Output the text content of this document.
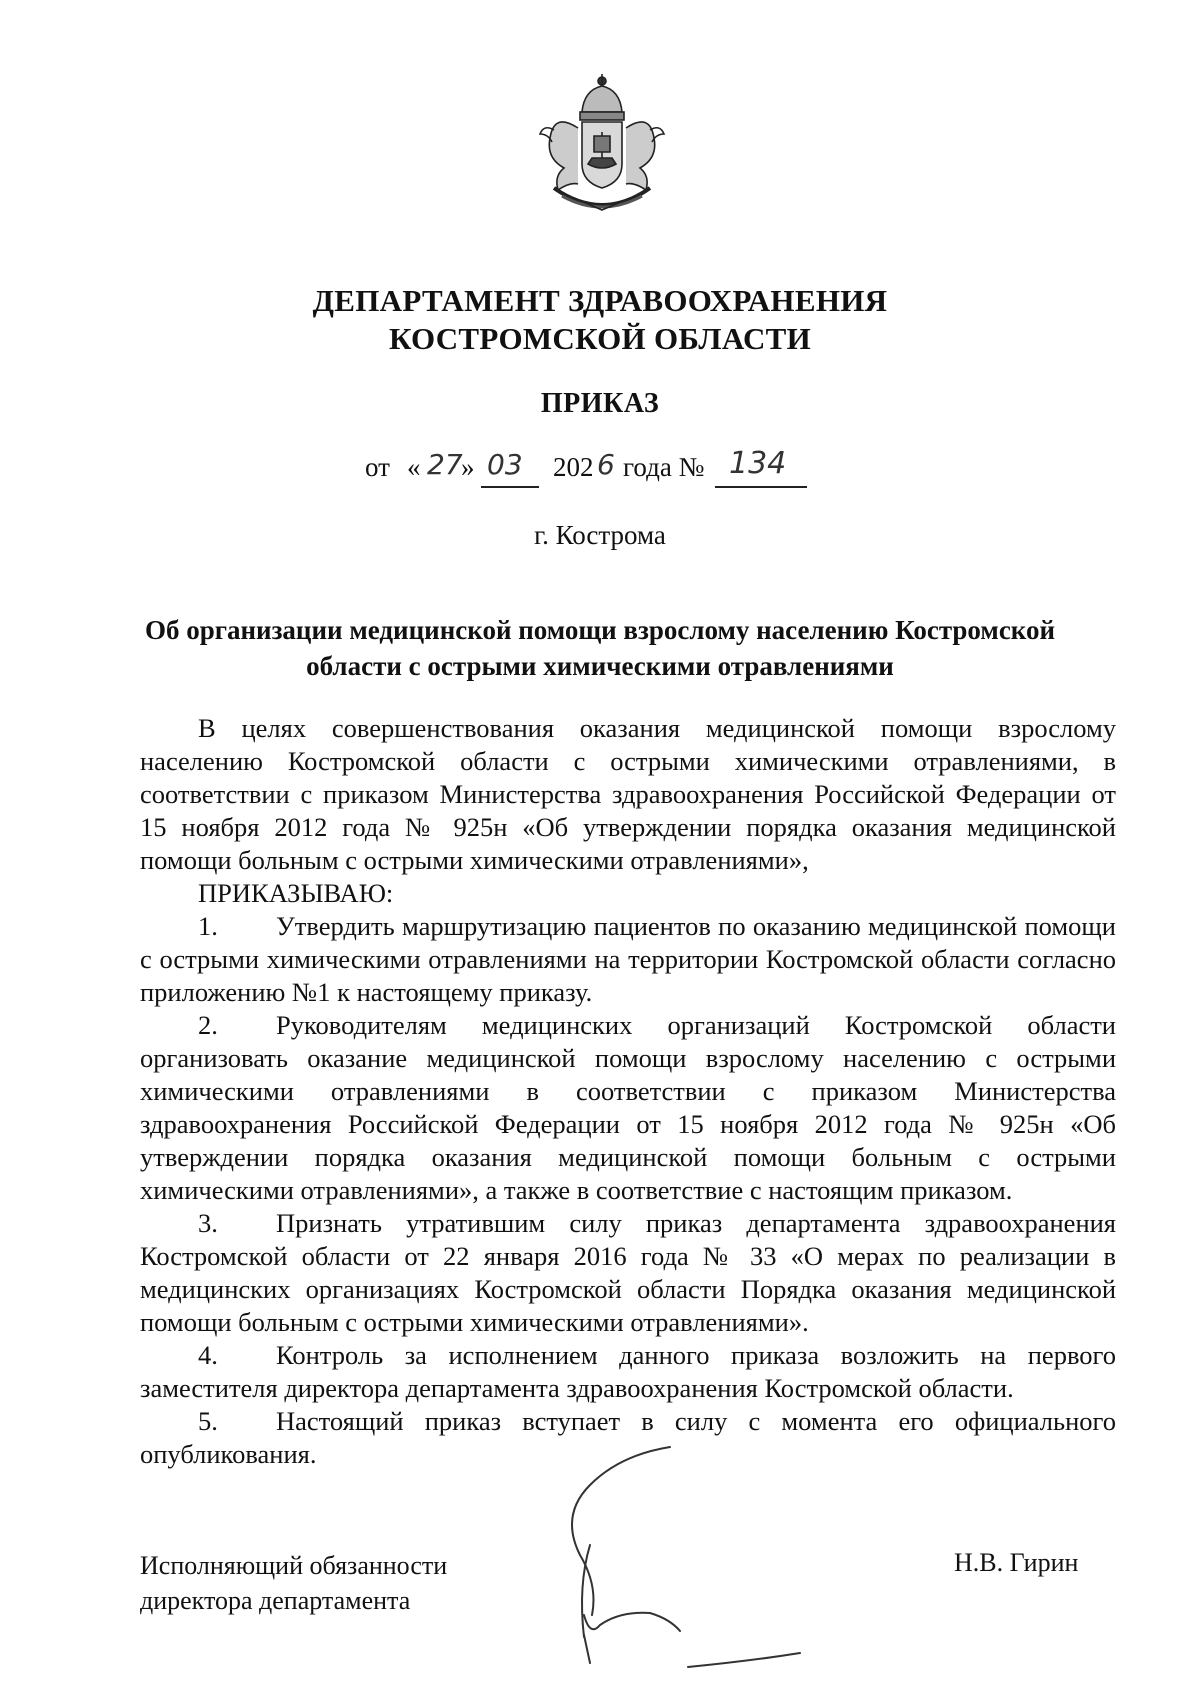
ДЕПАРТАМЕНТ ЗДРАВООХРАНЕНИЯ
КОСТРОМСКОЙ ОБЛАСТИ
ПРИКАЗ
от « 27
» 03 202 6 года № 134
г. Кострома
Об организации медицинской помощи взрослому населению Костромской
области с острыми химическими отравлениями

В целях совершенствования оказания медицинской помощи взрослому населению Костромской области с острыми химическими отравлениями, в соответствии с приказом Министерства здравоохранения Российской Федерации от 15 ноября 2012 года № 925н «Об утверждении порядка оказания медицинской помощи больным с острыми химическими отравлениями»,

ПРИКАЗЫВАЮ:

1. Утвердить маршрутизацию пациентов по оказанию медицинской помощи с острыми химическими отравлениями на территории Костромской области согласно приложению №1 к настоящему приказу.

2. Руководителям медицинских организаций Костромской области организовать оказание медицинской помощи взрослому населению с острыми химическими отравлениями в соответствии с приказом Министерства здравоохранения Российской Федерации от 15 ноября 2012 года № 925н «Об утверждении порядка оказания медицинской помощи больным с острыми химическими отравлениями», а также в соответствие с настоящим приказом.

3. Признать утратившим силу приказ департамента здравоохранения Костромской области от 22 января 2016 года № 33 «О мерах по реализации в медицинских организациях Костромской области Порядка оказания медицинской помощи больным с острыми химическими отравлениями».

4. Контроль за исполнением данного приказа возложить на первого заместителя директора департамента здравоохранения Костромской области.

5. Настоящий приказ вступает в силу с момента его официального опубликования.

Исполняющий обязанности
директора департамента
Н.В. Гирин
